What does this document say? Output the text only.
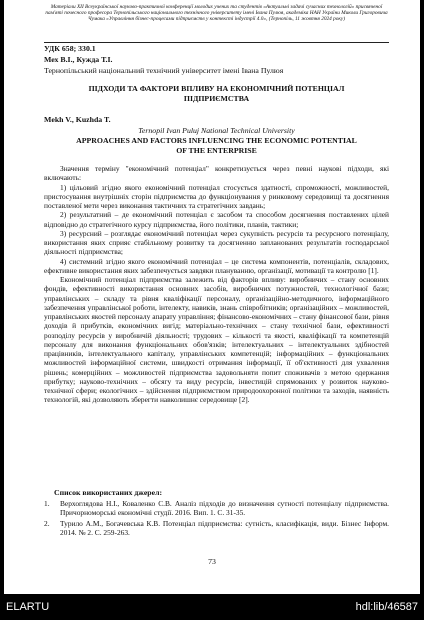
Матеріали XII Всеукраїнської науково-практичної конференції молодих учених та студентів «Актуальні задачі сучасних технологій» присвяченої пам'яті почесного професора Тернопільського національного технічного університету імені Івана Пулюя, академіка НАН України Миколи Григоровича Чумака «Управління бізнес-процесами підприємств у контексті індустрії 4.0», (Тернопіль, 11 жовтня 2024 року)
УДК 658; 330.1
Мех В.І., Кужда Т.І.
Тернопільський національний технічний університет імені Івана Пулюя
ПІДХОДИ ТА ФАКТОРИ ВПЛИВУ НА ЕКОНОМІЧНИЙ ПОТЕНЦІАЛ ПІДПРИЄМСТВА
Mekh V., Kuzhda T.
Ternopil Ivan Puluj National Technical University
APPROACHES AND FACTORS INFLUENCING THE ECONOMIC POTENTIAL OF THE ENTERPRISE

Значення терміну "економічний потенціал" конкретизується через певні наукові підходи, які включають:

1) цільовий згідно якого економічний потенціал стосується здатності, спроможності, можливостей, пристосування внутрішніх сторін підприємства до функціонування у ринковому середовищі та досягнення поставленої мети через виконання тактичних та стратегічних завдань;

2) результатний – де економічний потенціал є засобом та способом досягнення поставлених цілей відповідно до стратегічного курсу підприємства, його політики, планів, тактики;

3) ресурсний – розглядає економічний потенціал через сукупність ресурсів та ресурсного потенціалу, використання яких сприяє стабільному розвитку та досягненню запланованих результатів господарської діяльності підприємства;

4) системний згідно якого економічний потенціал – це система компонентів, потенціалів, складових, ефективне використання яких забезпечується завдяки плануванню, організації, мотивації та контролю [1].

Економічний потенціал підприємства залежить від факторів впливу: виробничих – стану основних фондів, ефективності використання основних засобів, виробничих потужностей, технологічної бази; управлінських – складу та рівня кваліфікації персоналу, організаційно-методичного, інформаційного забезпечення управлінської роботи, інтелекту, навиків, знань співробітників; організаційних – можливостей, управлінських якостей персоналу апарату управління; фінансово-економічних – стану фінансової бази, рівня доходів й прибутків, економічних вигід; матеріально-технічних – стану технічної бази, ефективності розподілу ресурсів у виробничій діяльності; трудових – кількості та якості, кваліфікації та компетенцій персоналу для виконання функціональних обов'язків; інтелектуальних – інтелектуальних здібностей працівників, інтелектуального капіталу, управлінських компетенцій; інформаційних – функціональних можливостей інформаційної системи, швидкості отримання інформації, її об'єктивності для ухвалення рішень; комерційних – можливостей підприємства задовольняти попит споживачів з метою одержання прибутку; науково-технічних – обсягу та виду ресурсів, інвестицій спрямованих у розвиток науково-технічної сфери; екологічних – здійснення підприємством природоохоронної політики та заходів, наявність технологій, які дозволяють зберегти навколишнє середовище [2].

Список використаних джерел:
1.	Верхоглядова Н.І., Коваленко С.В. Аналіз підходів до визначення сутності потенціалу підприємства. Причорноморські економічні студії. 2016. Вип. 1. С. 31-35.
2.	Турило А.М., Богачевська К.В. Потенціал підприємства: сутність, класифікація, види. Бізнес Інформ. 2014. № 2. С. 259-263.
73
ELARTU	hdl:lib/46587
